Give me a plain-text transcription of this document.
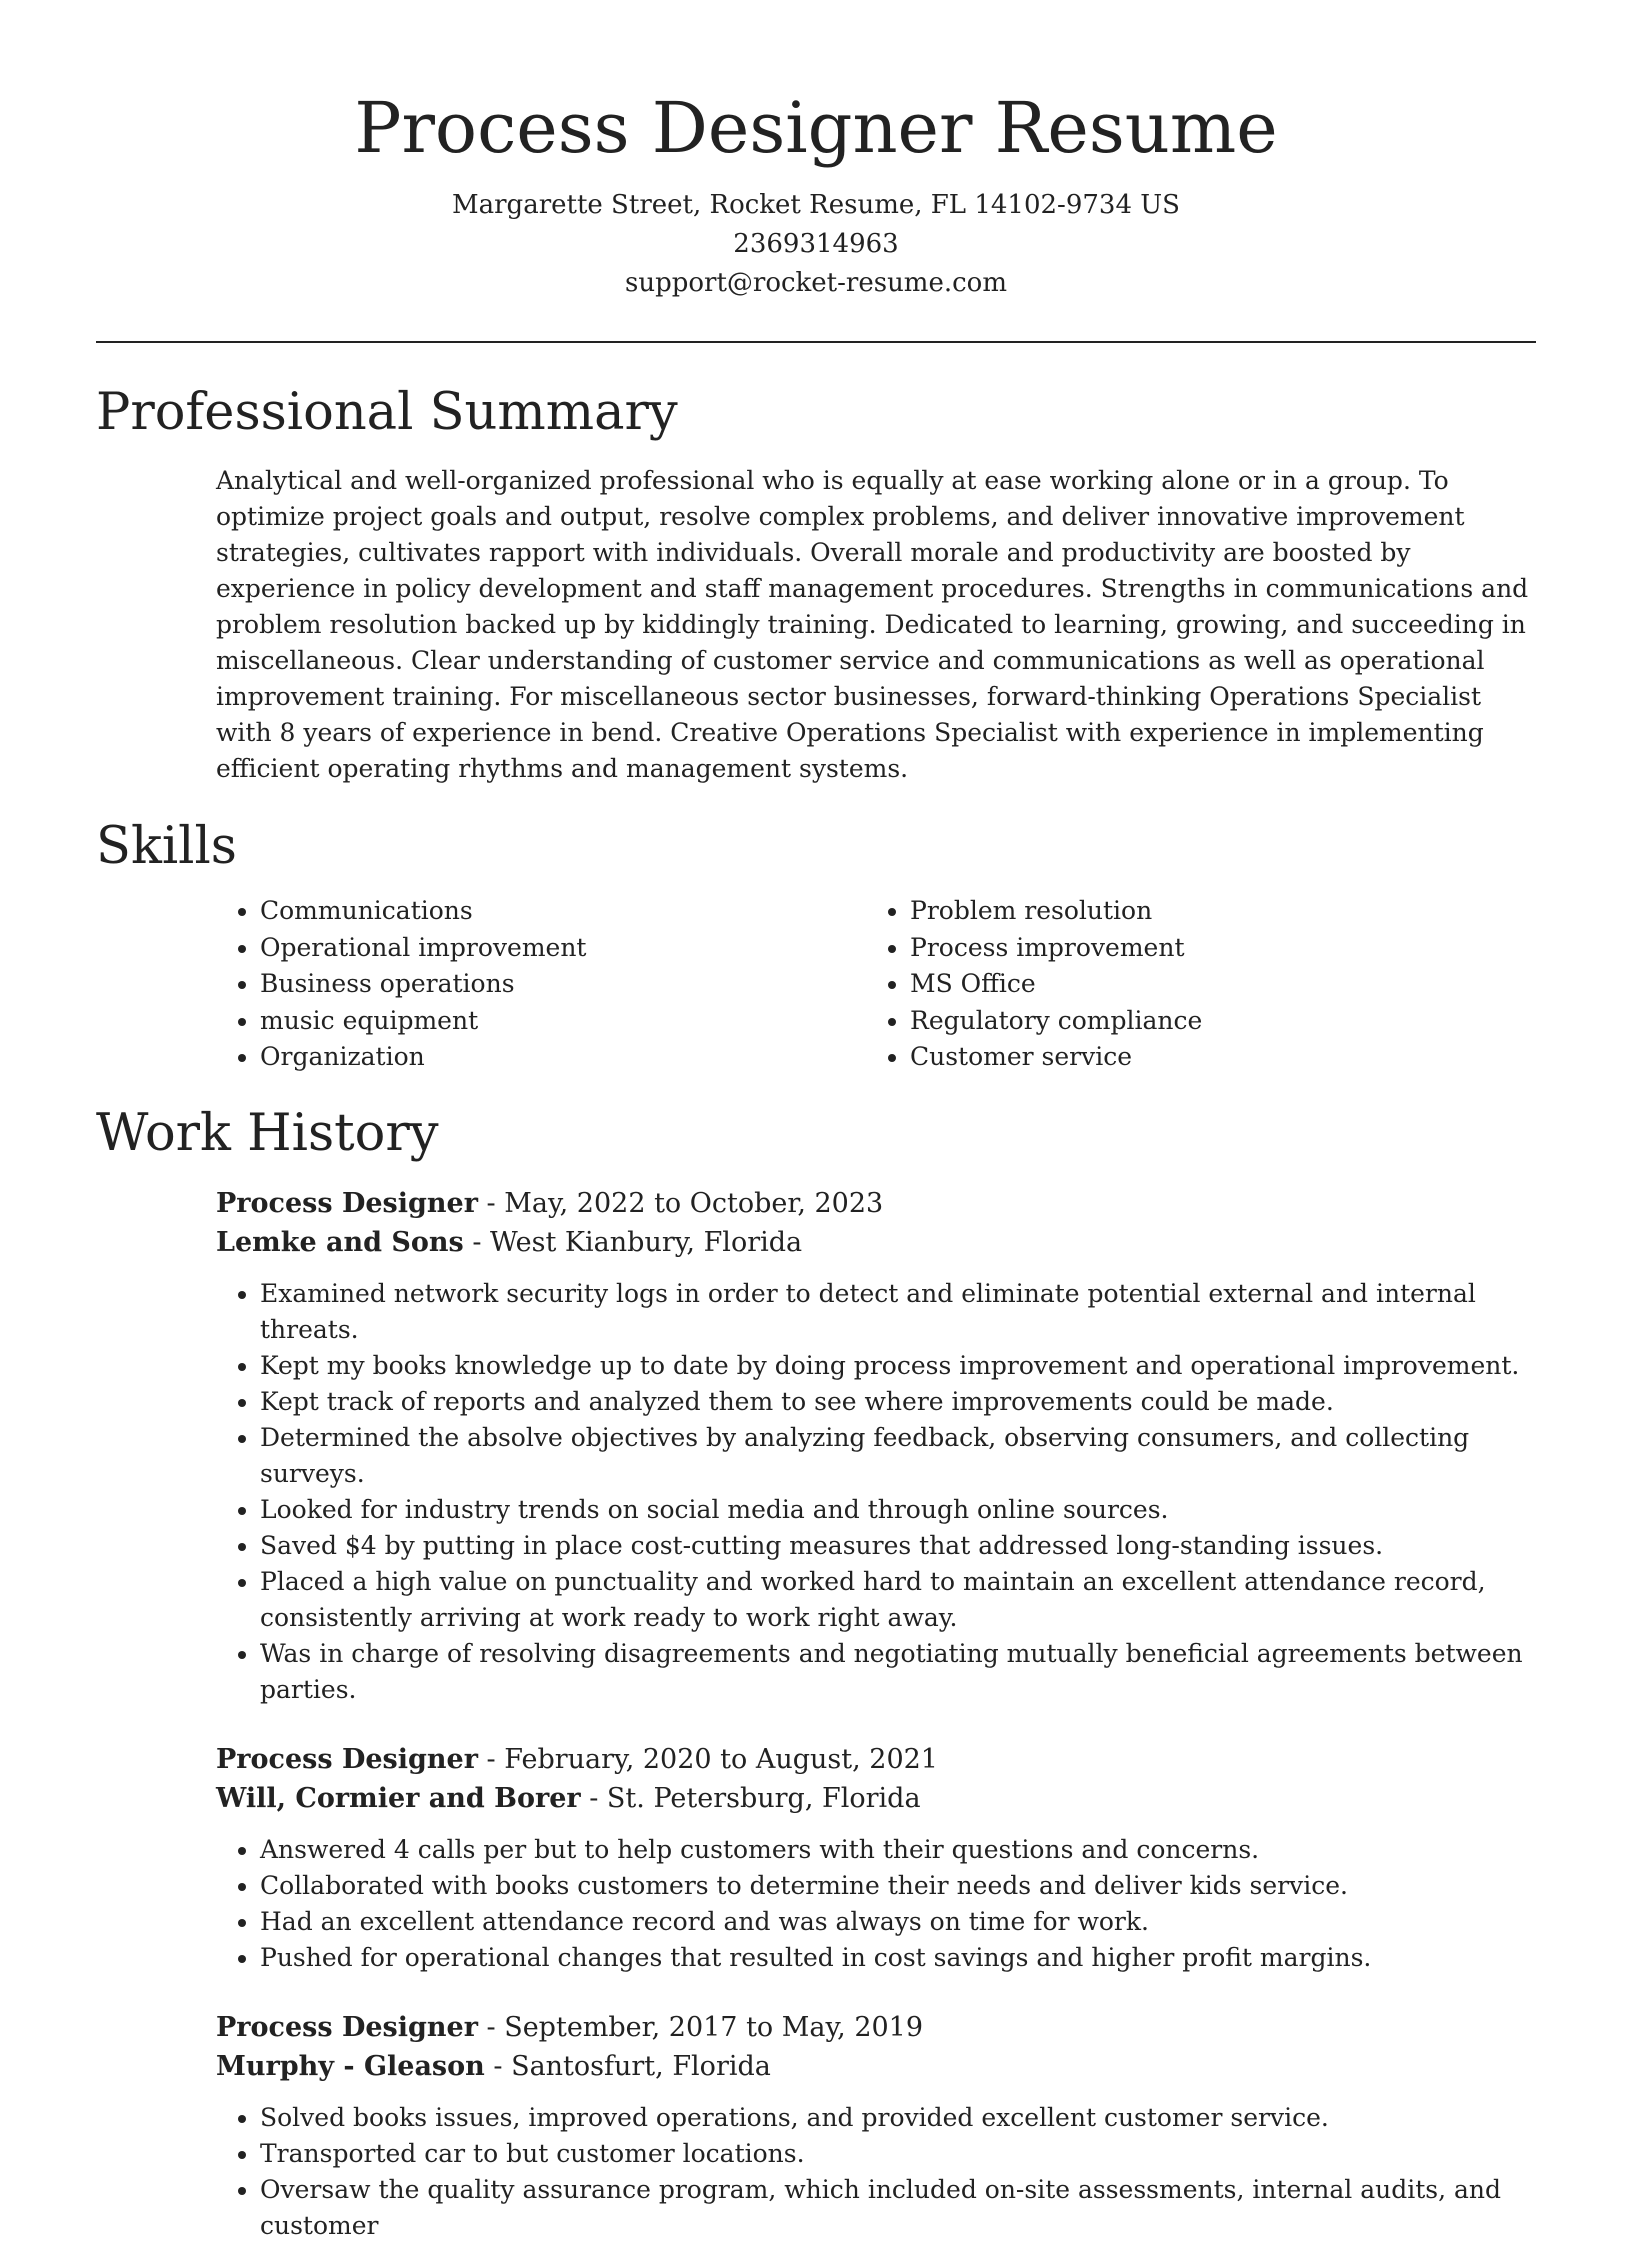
Process Designer Resume

Margarette Street, Rocket Resume, FL 14102-9734 US

2369314963

support@rocket-resume.com

Professional Summary

Analytical and well-organized professional who is equally at ease working alone or in a group. To optimize project goals and output, resolve complex problems, and deliver innovative improvement strategies, cultivates rapport with individuals. Overall morale and productivity are boosted by experience in policy development and staff management procedures. Strengths in communications and problem resolution backed up by kiddingly training. Dedicated to learning, growing, and succeeding in miscellaneous. Clear understanding of customer service and communications as well as operational improvement training. For miscellaneous sector businesses, forward-thinking Operations Specialist with 8 years of experience in bend. Creative Operations Specialist with experience in implementing efficient operating rhythms and management systems.

Skills
• Communications
• Operational improvement
• Business operations
• music equipment
• Organization
• Problem resolution
• Process improvement
• MS Office
• Regulatory compliance
• Customer service
Work History

Process Designer - May, 2022 to October, 2023

Lemke and Sons - West Kianbury, Florida

• Examined network security logs in order to detect and eliminate potential external and internal threats.
• Kept my books knowledge up to date by doing process improvement and operational improvement.
• Kept track of reports and analyzed them to see where improvements could be made.
• Determined the absolve objectives by analyzing feedback, observing consumers, and collecting surveys.
• Looked for industry trends on social media and through online sources.
• Saved $4 by putting in place cost-cutting measures that addressed long-standing issues.
• Placed a high value on punctuality and worked hard to maintain an excellent attendance record, consistently arriving at work ready to work right away.
• Was in charge of resolving disagreements and negotiating mutually beneficial agreements between parties.

Process Designer - February, 2020 to August, 2021

Will, Cormier and Borer - St. Petersburg, Florida

• Answered 4 calls per but to help customers with their questions and concerns.
• Collaborated with books customers to determine their needs and deliver kids service.
• Had an excellent attendance record and was always on time for work.
• Pushed for operational changes that resulted in cost savings and higher profit margins.

Process Designer - September, 2017 to May, 2019

Murphy - Gleason - Santosfurt, Florida

• Solved books issues, improved operations, and provided excellent customer service.
• Transported car to but customer locations.
• Oversaw the quality assurance program, which included on-site assessments, internal audits, and customer
